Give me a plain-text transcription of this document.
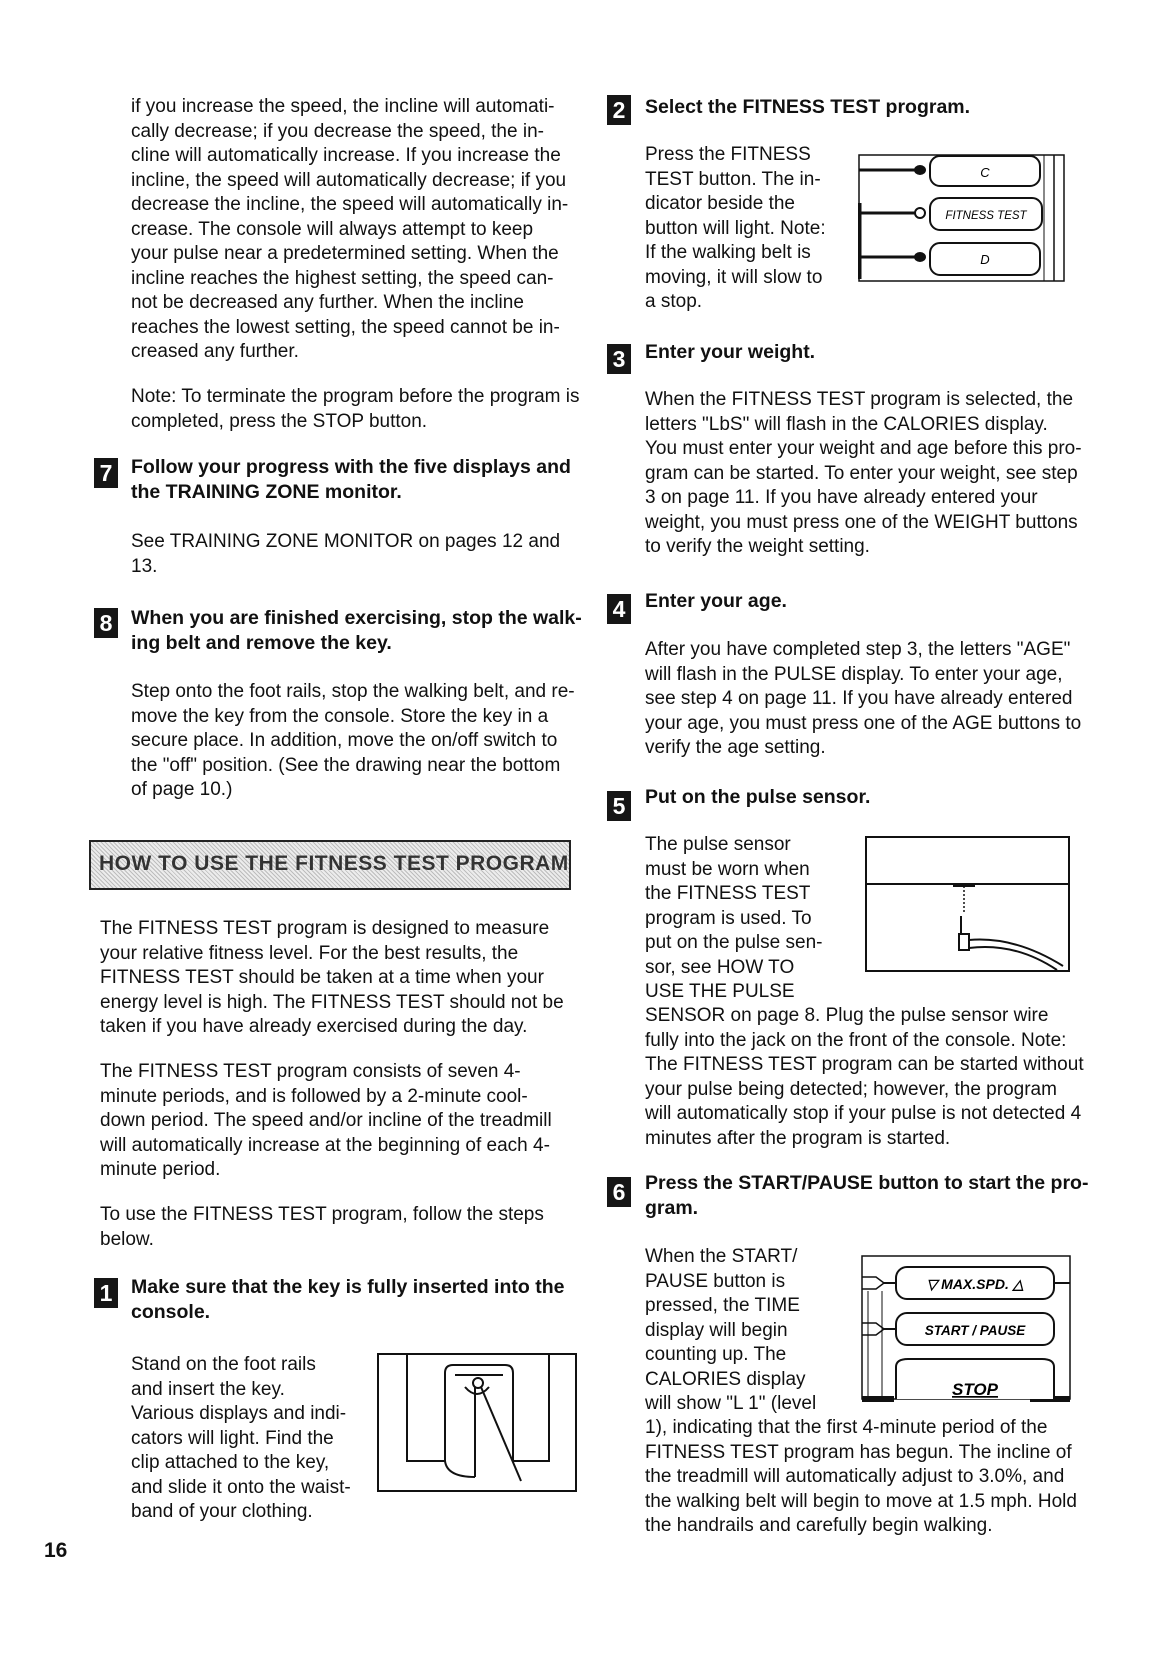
if you increase the speed, the incline will automati-
cally decrease; if you decrease the speed, the in-
cline will automatically increase. If you increase the
incline, the speed will automatically decrease; if you
decrease the incline, the speed will automatically in-
crease. The console will always attempt to keep
your pulse near a predetermined setting. When the
incline reaches the highest setting, the speed can-
not be decreased any further. When the incline
reaches the lowest setting, the speed cannot be in-
creased any further.
Note: To terminate the program before the program is
completed, press the STOP button.
7 Follow your progress with the five displays and
the TRAINING ZONE monitor.
See TRAINING ZONE MONITOR on pages 12 and
13.
8 When you are finished exercising, stop the walk-
ing belt and remove the key.
Step onto the foot rails, stop the walking belt, and re-
move the key from the console. Store the key in a
secure place. In addition, move the on/off switch to
the "off" position. (See the drawing near the bottom
of page 10.)
HOW TO USE THE FITNESS TEST PROGRAM
The FITNESS TEST program is designed to measure
your relative fitness level. For the best results, the
FITNESS TEST should be taken at a time when your
energy level is high. The FITNESS TEST should not be
taken if you have already exercised during the day.
The FITNESS TEST program consists of seven 4-
minute periods, and is followed by a 2-minute cool-
down period. The speed and/or incline of the treadmill
will automatically increase at the beginning of each 4-
minute period.
To use the FITNESS TEST program, follow the steps
below.
1 Make sure that the key is fully inserted into the
console.
Stand on the foot rails
and insert the key.
Various displays and indi-
cators will light. Find the
clip attached to the key,
and slide it onto the waist-
band of your clothing.
2 Select the FITNESS TEST program.
Press the FITNESS
TEST button. The in-
dicator beside the
button will light. Note:
If the walking belt is
moving, it will slow to
a stop.
C
FITNESS TEST
D
3 Enter your weight.
When the FITNESS TEST program is selected, the
letters "LbS" will flash in the CALORIES display.
You must enter your weight and age before this pro-
gram can be started. To enter your weight, see step
3 on page 11. If you have already entered your
weight, you must press one of the WEIGHT buttons
to verify the weight setting.
4 Enter your age.
After you have completed step 3, the letters "AGE"
will flash in the PULSE display. To enter your age,
see step 4 on page 11. If you have already entered
your age, you must press one of the AGE buttons to
verify the age setting.
5 Put on the pulse sensor.
The pulse sensor
must be worn when
the FITNESS TEST
program is used. To
put on the pulse sen-
sor, see HOW TO
USE THE PULSE
SENSOR on page 8. Plug the pulse sensor wire
fully into the jack on the front of the console. Note:
The FITNESS TEST program can be started without
your pulse being detected; however, the program
will automatically stop if your pulse is not detected 4
minutes after the program is started.
6 Press the START/PAUSE button to start the pro-
gram.
When the START/
PAUSE button is
pressed, the TIME
display will begin
counting up. The
CALORIES display
will show "L 1" (level
1), indicating that the first 4-minute period of the
FITNESS TEST program has begun. The incline of
the treadmill will automatically adjust to 3.0%, and
the walking belt will begin to move at 1.5 mph. Hold
the handrails and carefully begin walking.
▽ MAX.SPD. △
START / PAUSE
STOP
16
